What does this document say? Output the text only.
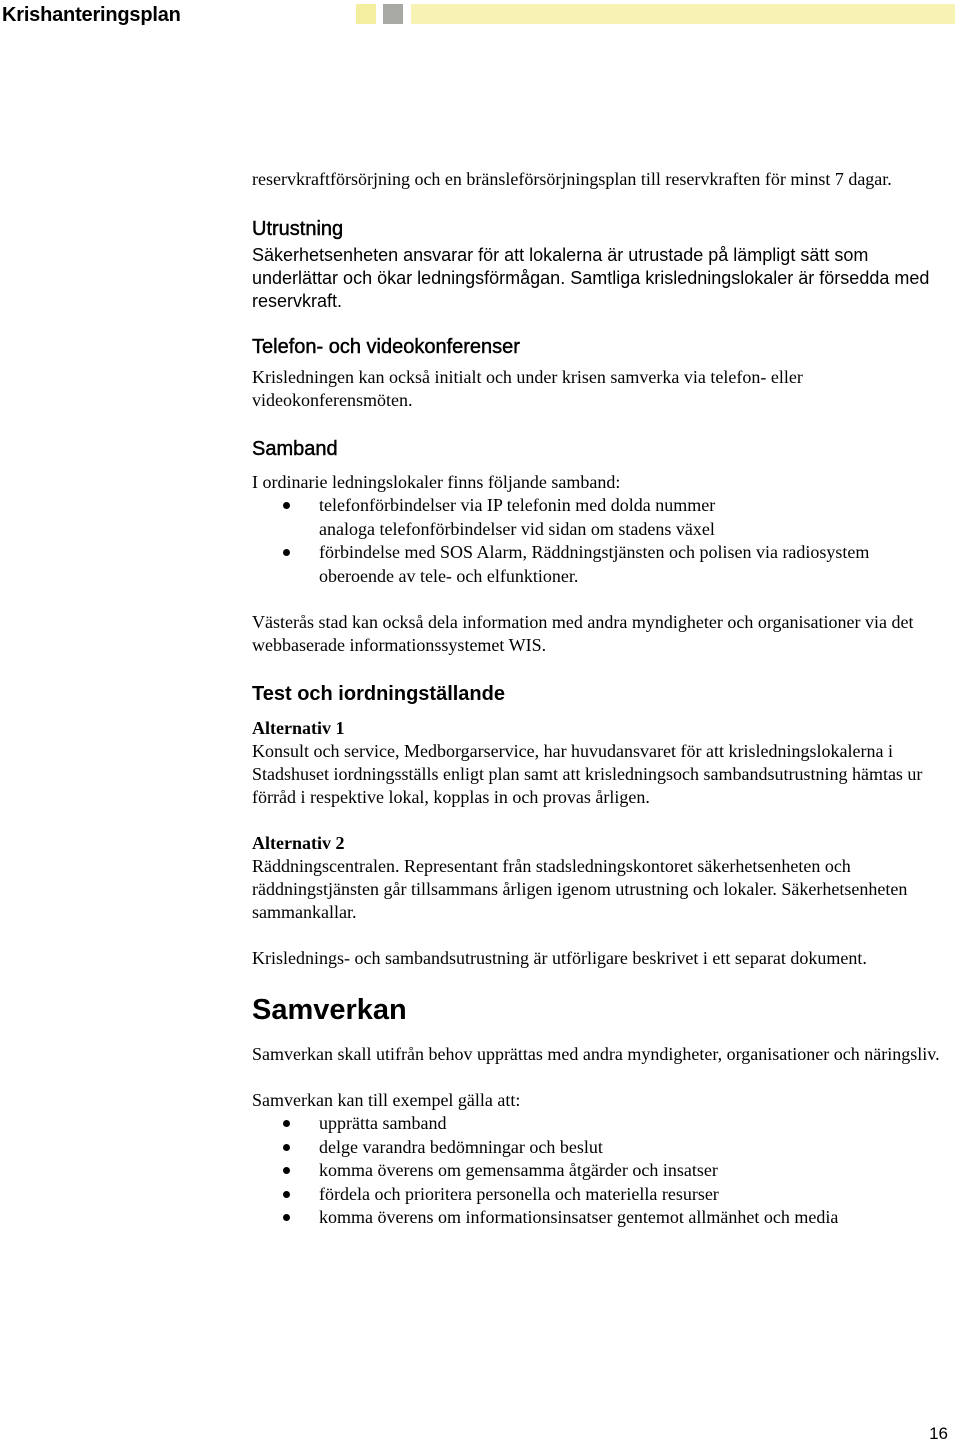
Krishanteringsplan

reservkraftförsörjning och en bränsleförsörjningsplan till reservkraften för minst 7 dagar.

Utrustning

Säkerhetsenheten ansvarar för att lokalerna är utrustade på lämpligt sätt som underlättar och ökar ledningsförmågan. Samtliga krisledningslokaler är försedda med reservkraft.

Telefon- och videokonferenser

Krisledningen kan också initialt och under krisen samverka via telefon- eller videokonferensmöten.

Samband

I ordinarie ledningslokaler finns följande samband:

telefonförbindelser via IP telefonin med dolda nummer
analoga telefonförbindelser vid sidan om stadens växel
förbindelse med SOS Alarm, Räddningstjänsten och polisen via radiosystem oberoende av tele- och elfunktioner.

Västerås stad kan också dela information med andra myndigheter och organisationer via det webbaserade informationssystemet WIS.

Test och iordningställande

Alternativ 1

Konsult och service, Medborgarservice, har huvudansvaret för att krisledningslokalerna i Stadshuset iordningsställs enligt plan samt att krisledningsoch sambandsutrustning hämtas ur förråd i respektive lokal, kopplas in och provas årligen.

Alternativ 2

Räddningscentralen. Representant från stadsledningskontoret säkerhetsenheten och räddningstjänsten går tillsammans årligen igenom utrustning och lokaler. Säkerhetsenheten sammankallar.

Krislednings- och sambandsutrustning är utförligare beskrivet i ett separat dokument.

Samverkan

Samverkan skall utifrån behov upprättas med andra myndigheter, organisationer och näringsliv.

Samverkan kan till exempel gälla att:

upprätta samband
delge varandra bedömningar och beslut
komma överens om gemensamma åtgärder och insatser
fördela och prioritera personella och materiella resurser
komma överens om informationsinsatser gentemot allmänhet och media
16
